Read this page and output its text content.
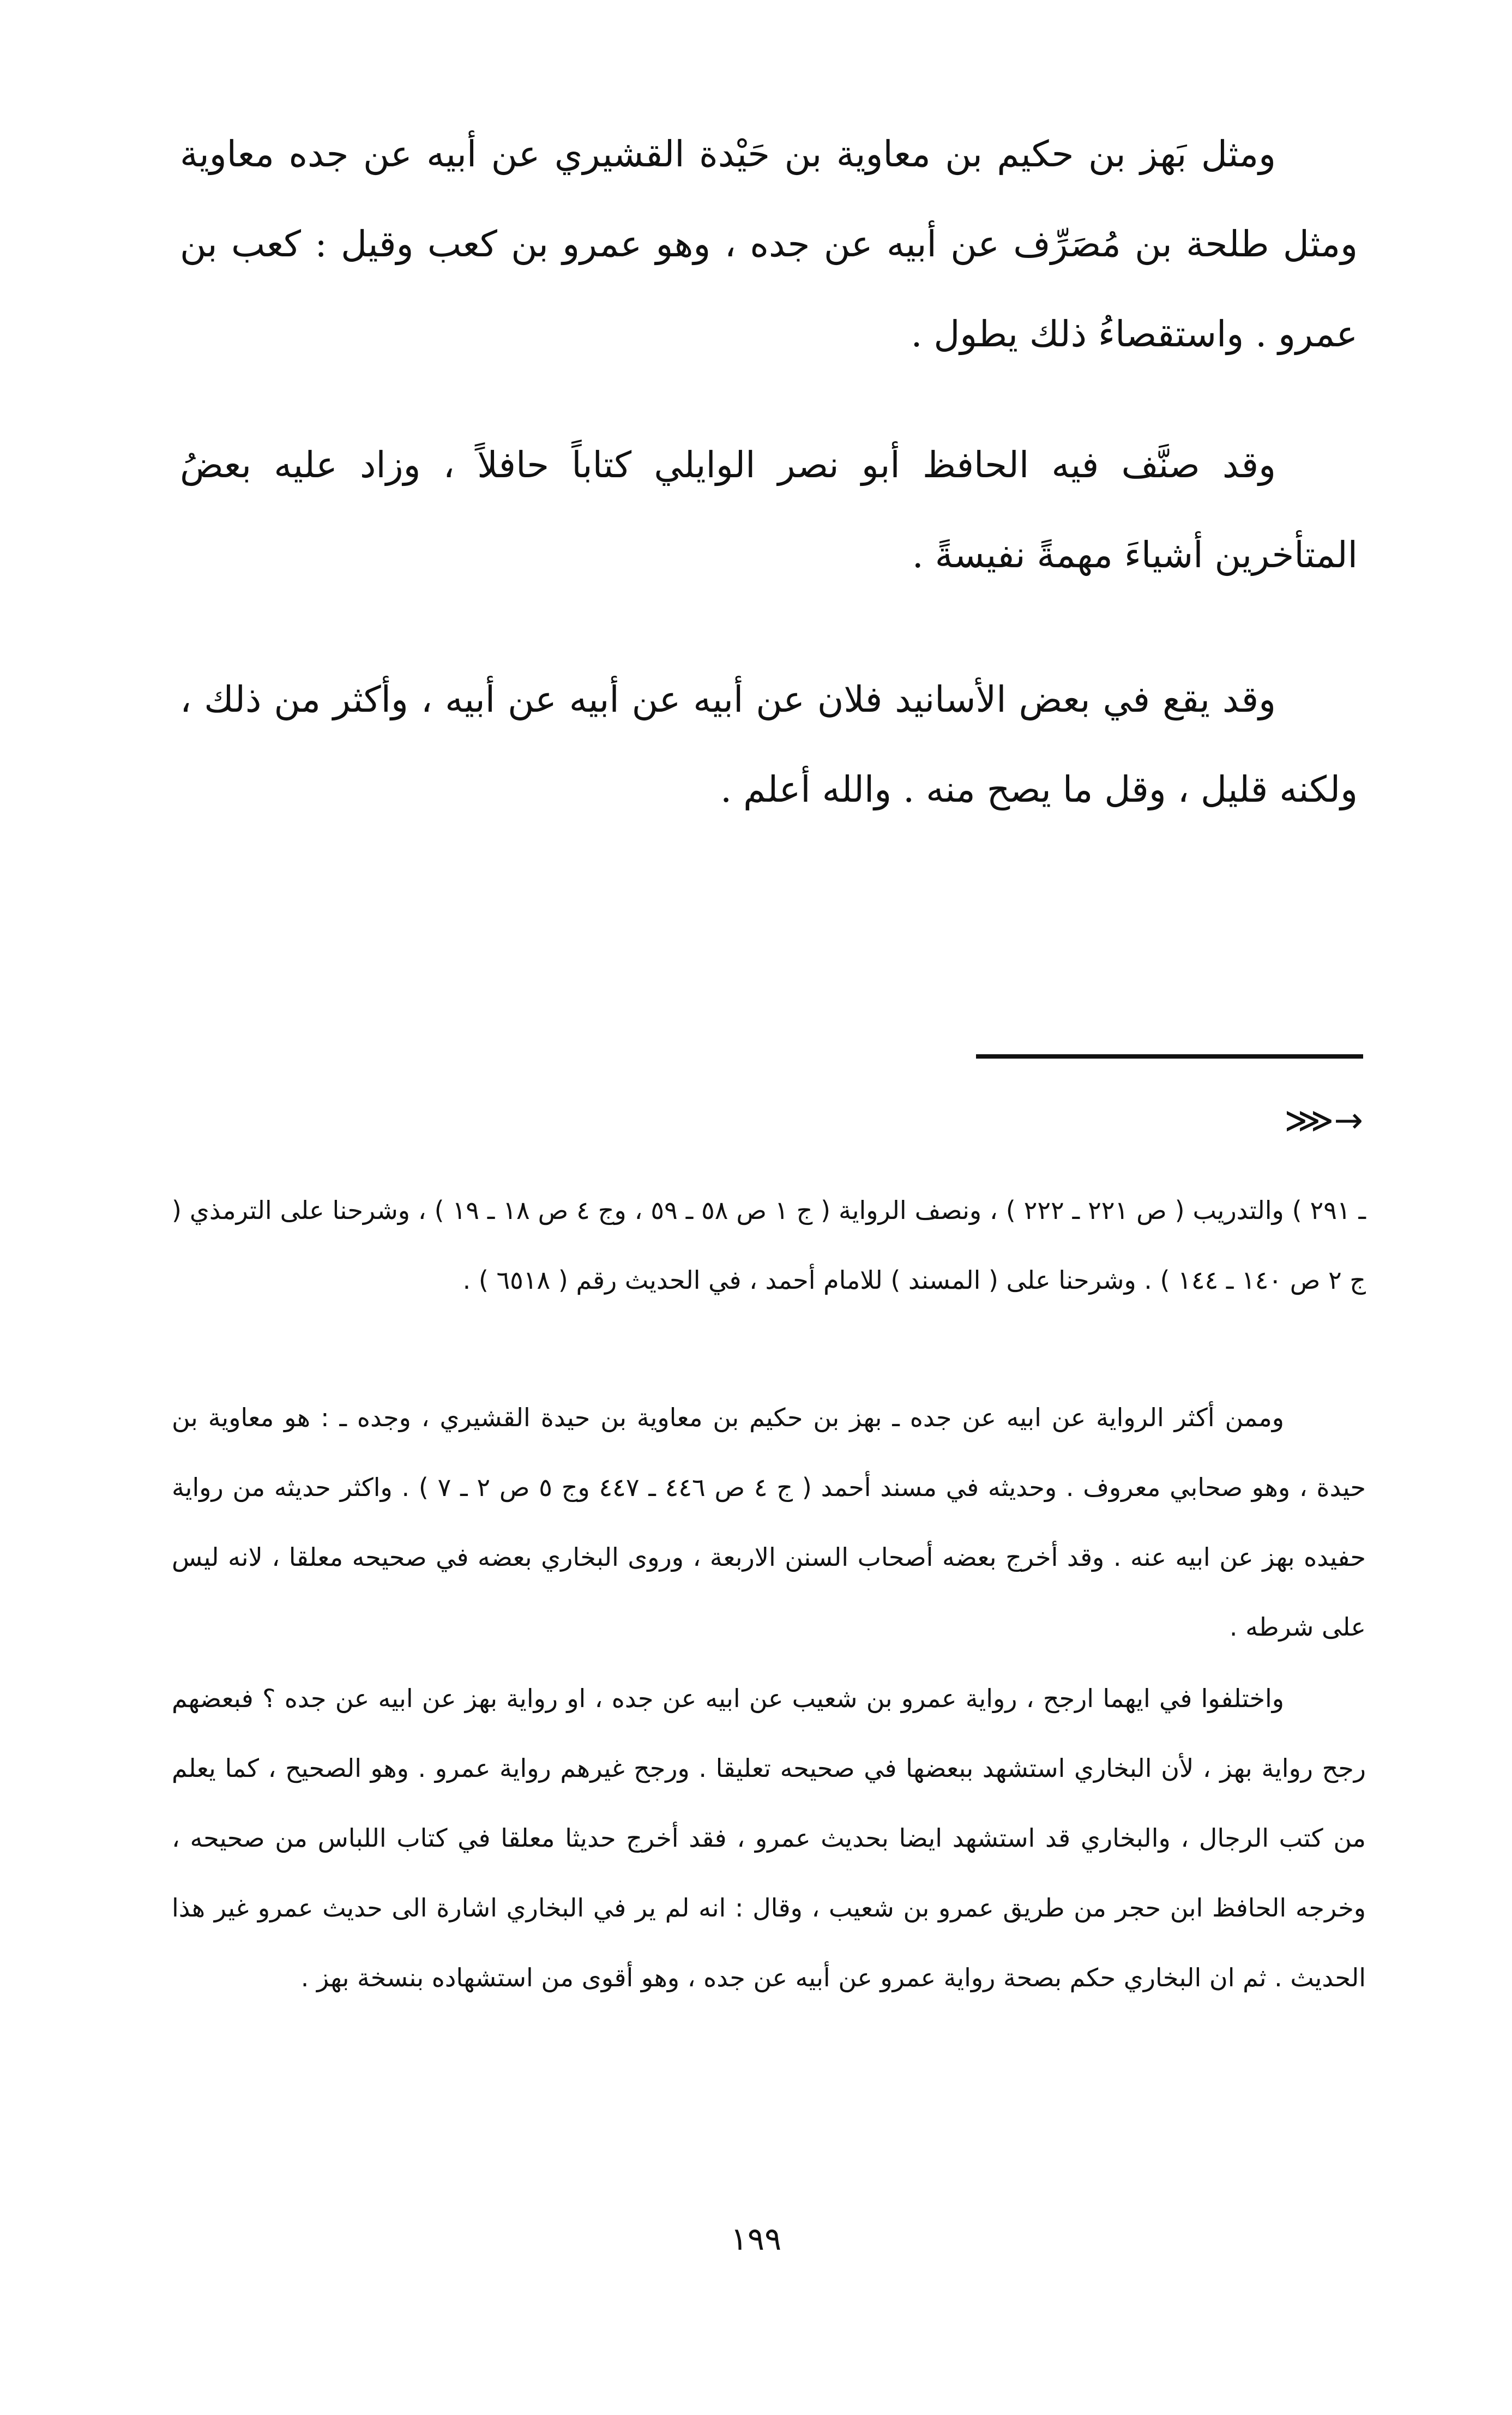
ومثل بَهز بن حكيم بن معاوية بن حَيْدة القشيري عن أبيه عن جده معاوية ومثل طلحة بن مُصَرِّف عن أبيه عن جده ، وهو عمرو بن كعب وقيل : كعب بن عمرو . واستقصاءُ ذلك يطول .

وقد صنَّف فيه الحافظ أبو نصر الوايلي كتاباً حافلاً ، وزاد عليه بعضُ المتأخرين أشياءَ مهمةً نفيسةً .

وقد يقع في بعض الأسانيد فلان عن أبيه عن أبيه عن أبيه ، وأكثر من ذلك ، ولكنه قليل ، وقل ما يصح منه . والله أعلم .

⋙→

ـ ٢٩١ ) والتدريب ( ص ٢٢١ ـ ٢٢٢ ) ، ونصف الرواية ( ج ١ ص ٥٨ ـ ٥٩ ، وج ٤ ص ١٨ ـ ١٩ ) ، وشرحنا على الترمذي ( ج ٢ ص ١٤٠ ـ ١٤٤ ) . وشرحنا على ( المسند ) للامام أحمد ، في الحديث رقم ( ٦٥١٨ ) .

وممن أكثر الرواية عن ابيه عن جده ـ بهز بن حكيم بن معاوية بن حيدة القشيري ، وجده ـ : هو معاوية بن حيدة ، وهو صحابي معروف . وحديثه في مسند أحمد ( ج ٤ ص ٤٤٦ ـ ٤٤٧ وج ٥ ص ٢ ـ ٧ ) . واكثر حديثه من رواية حفيده بهز عن ابيه عنه . وقد أخرج بعضه أصحاب السنن الاربعة ، وروى البخاري بعضه في صحيحه معلقا ، لانه ليس على شرطه .

واختلفوا في ايهما ارجح ، رواية عمرو بن شعيب عن ابيه عن جده ، او رواية بهز عن ابيه عن جده ؟ فبعضهم رجح رواية بهز ، لأن البخاري استشهد ببعضها في صحيحه تعليقا . ورجح غيرهم رواية عمرو . وهو الصحيح ، كما يعلم من كتب الرجال ، والبخاري قد استشهد ايضا بحديث عمرو ، فقد أخرج حديثا معلقا في كتاب اللباس من صحيحه ، وخرجه الحافظ ابن حجر من طريق عمرو بن شعيب ، وقال : انه لم ير في البخاري اشارة الى حديث عمرو غير هذا الحديث . ثم ان البخاري حكم بصحة رواية عمرو عن أبيه عن جده ، وهو أقوى من استشهاده بنسخة بهز .

١٩٩
